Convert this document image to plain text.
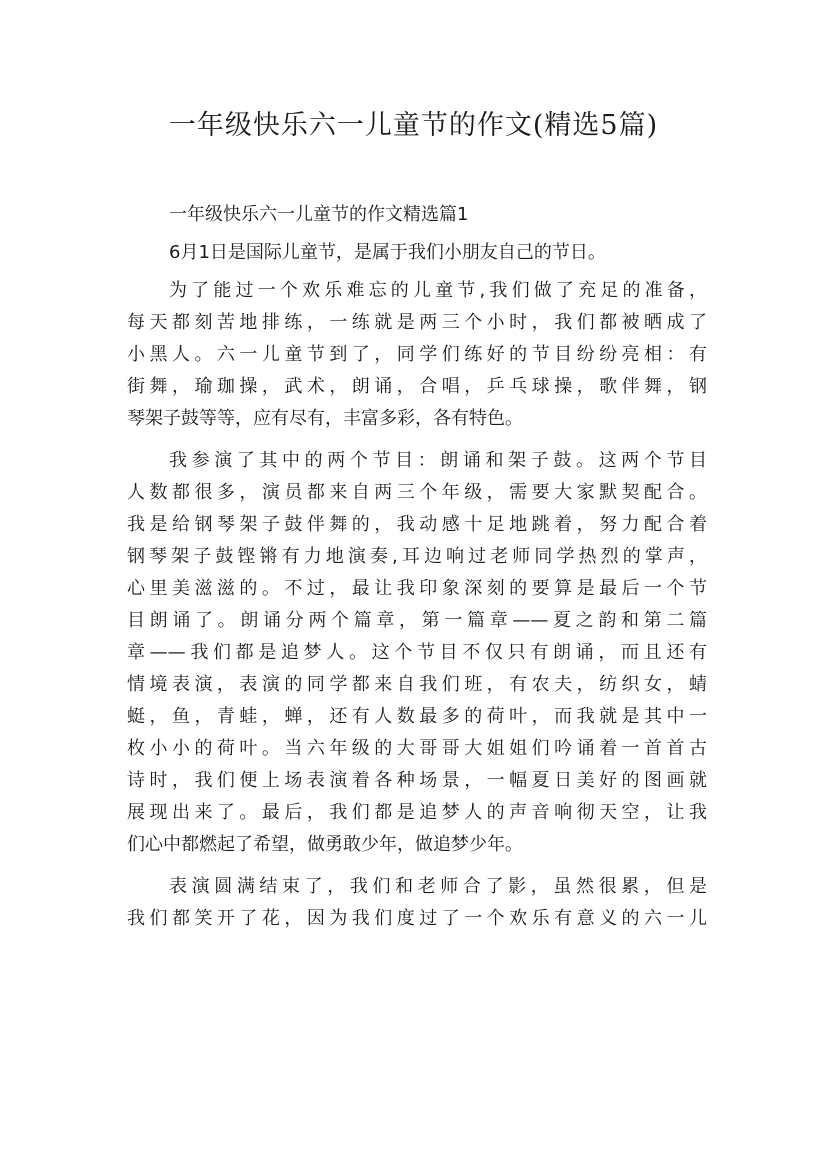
一年级快乐六一儿童节的作文(精选5篇)
一年级快乐六一儿童节的作文精选篇1
6月1日是国际儿童节，是属于我们小朋友自己的节日。
为了能过一个欢乐难忘的儿童节,我们做了充足的准备，
每天都刻苦地排练，一练就是两三个小时，我们都被晒成了
小黑人。六一儿童节到了，同学们练好的节目纷纷亮相：有
街舞，瑜珈操，武术，朗诵，合唱，乒乓球操，歌伴舞，钢
琴架子鼓等等，应有尽有，丰富多彩，各有特色。
我参演了其中的两个节目：朗诵和架子鼓。这两个节目
人数都很多，演员都来自两三个年级，需要大家默契配合。
我是给钢琴架子鼓伴舞的，我动感十足地跳着，努力配合着
钢琴架子鼓铿锵有力地演奏,耳边响过老师同学热烈的掌声，
心里美滋滋的。不过，最让我印象深刻的要算是最后一个节
目朗诵了。朗诵分两个篇章，第一篇章——夏之韵和第二篇
章——我们都是追梦人。这个节目不仅只有朗诵，而且还有
情境表演，表演的同学都来自我们班，有农夫，纺织女，蜻
蜓，鱼，青蛙，蝉，还有人数最多的荷叶，而我就是其中一
枚小小的荷叶。当六年级的大哥哥大姐姐们吟诵着一首首古
诗时，我们便上场表演着各种场景，一幅夏日美好的图画就
展现出来了。最后，我们都是追梦人的声音响彻天空，让我
们心中都燃起了希望，做勇敢少年，做追梦少年。
表演圆满结束了，我们和老师合了影，虽然很累，但是
我们都笑开了花，因为我们度过了一个欢乐有意义的六一儿
